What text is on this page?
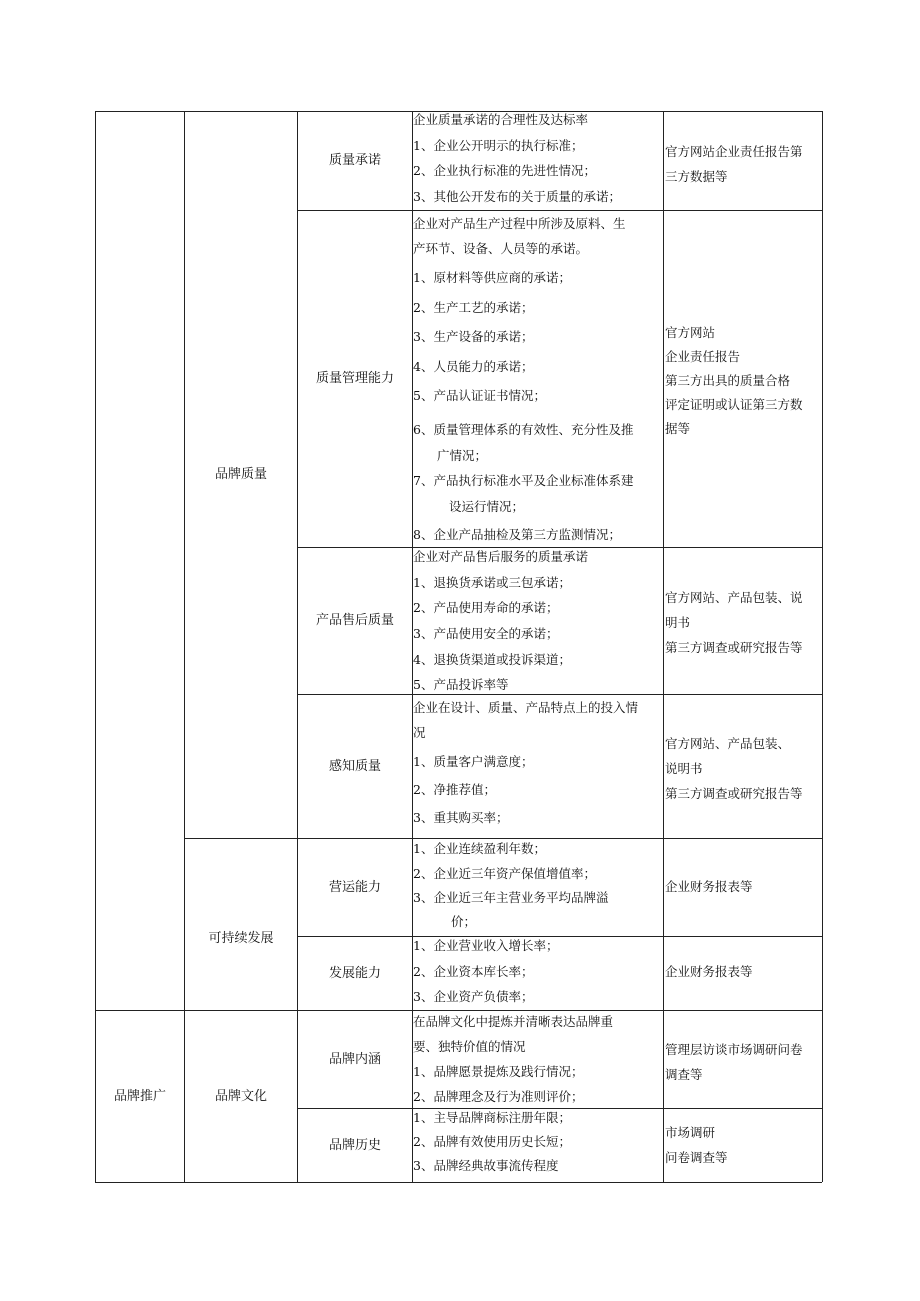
品牌推广
品牌质量
可持续发展
品牌文化
质量承诺
质量管理能力
产品售后质量
感知质量
营运能力
发展能力
品牌内涵
品牌历史
企业质量承诺的合理性及达标率
1、企业公开明示的执行标准；
2、企业执行标准的先进性情况；
3、其他公开发布的关于质量的承诺；
企业对产品生产过程中所涉及原料、生
产环节、设备、人员等的承诺。
1、原材料等供应商的承诺；
2、生产工艺的承诺；
3、生产设备的承诺；
4、人员能力的承诺；
5、产品认证证书情况；
6、质量管理体系的有效性、充分性及推
广情况；
7、产品执行标准水平及企业标准体系建
设运行情况；
8、企业产品抽检及第三方监测情况；
企业对产品售后服务的质量承诺
1、退换货承诺或三包承诺；
2、产品使用寿命的承诺；
3、产品使用安全的承诺；
4、退换货渠道或投诉渠道；
5、产品投诉率等
企业在设计、质量、产品特点上的投入情
况
1、质量客户满意度；
2、净推荐值；
3、重其购买率；
1、企业连续盈利年数；
2、企业近三年资产保值增值率；
3、企业近三年主营业务平均品牌溢
价；
1、企业营业收入增长率；
2、企业资本库长率；
3、企业资产负债率；
在品牌文化中提炼并清晰表达品牌重
要、独特价值的情况
1、品牌愿景提炼及践行情况；
2、品牌理念及行为准则评价；
1、主导品牌商标注册年限；
2、品牌有效使用历史长短；
3、品牌经典故事流传程度
官方网站企业责任报告第
三方数据等
官方网站
企业责任报告
第三方出具的质量合格
评定证明或认证第三方数
据等
官方网站、产品包装、说
明书
第三方调查或研究报告等
官方网站、产品包装、
说明书
第三方调查或研究报告等
企业财务报表等
企业财务报表等
管理层访谈市场调研问卷
调查等
市场调研
问卷调查等
